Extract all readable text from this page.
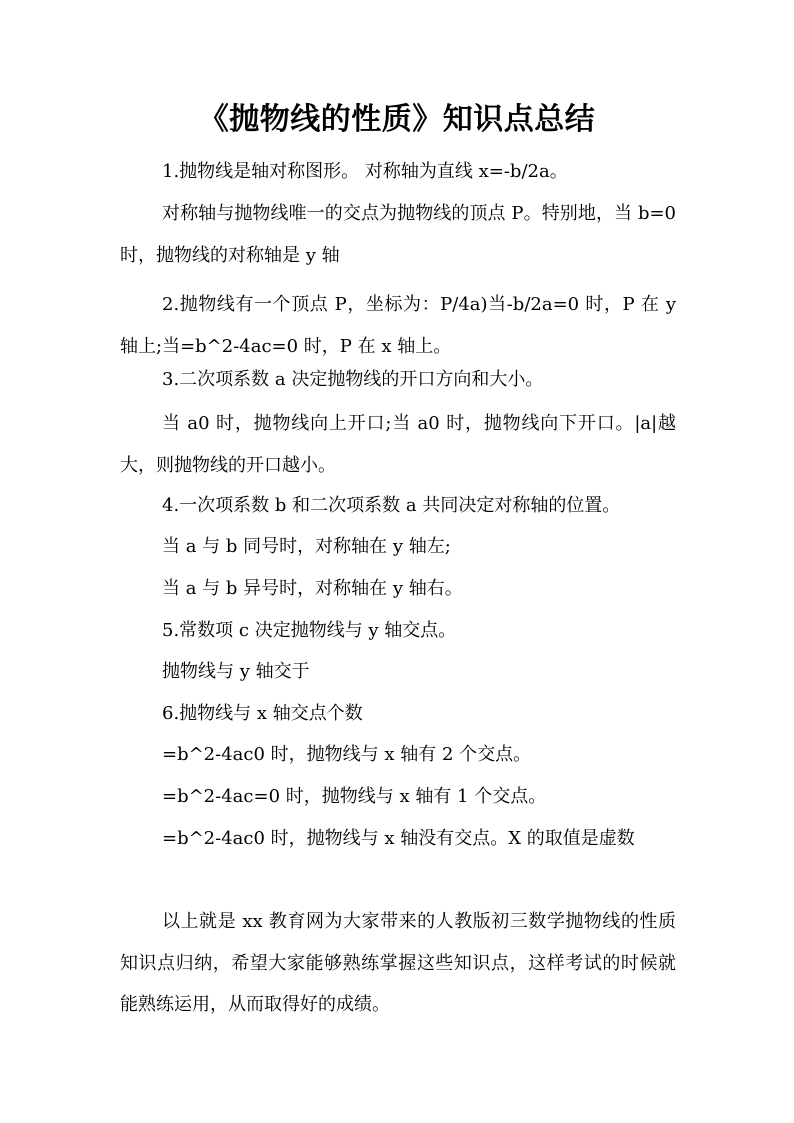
《抛物线的性质》知识点总结
1.抛物线是轴对称图形。 对称轴为直线 x=-b/2a。
对称轴与抛物线唯一的交点为抛物线的顶点 P。特别地，当 b=0 时，抛物线的对称轴是 y 轴
2.抛物线有一个顶点 P，坐标为：P/4a)当-b/2a=0 时，P 在 y 轴上;当=b^2-4ac=0 时，P 在 x 轴上。
3.二次项系数 a 决定抛物线的开口方向和大小。
当 a0 时，抛物线向上开口;当 a0 时，抛物线向下开口。|a|越大，则抛物线的开口越小。
4.一次项系数 b 和二次项系数 a 共同决定对称轴的位置。
当 a 与 b 同号时，对称轴在 y 轴左;
当 a 与 b 异号时，对称轴在 y 轴右。
5.常数项 c 决定抛物线与 y 轴交点。
抛物线与 y 轴交于
6.抛物线与 x 轴交点个数
=b^2-4ac0 时，抛物线与 x 轴有 2 个交点。
=b^2-4ac=0 时，抛物线与 x 轴有 1 个交点。
=b^2-4ac0 时，抛物线与 x 轴没有交点。X 的取值是虚数
以上就是 xx 教育网为大家带来的人教版初三数学抛物线的性质知识点归纳，希望大家能够熟练掌握这些知识点，这样考试的时候就能熟练运用，从而取得好的成绩。
